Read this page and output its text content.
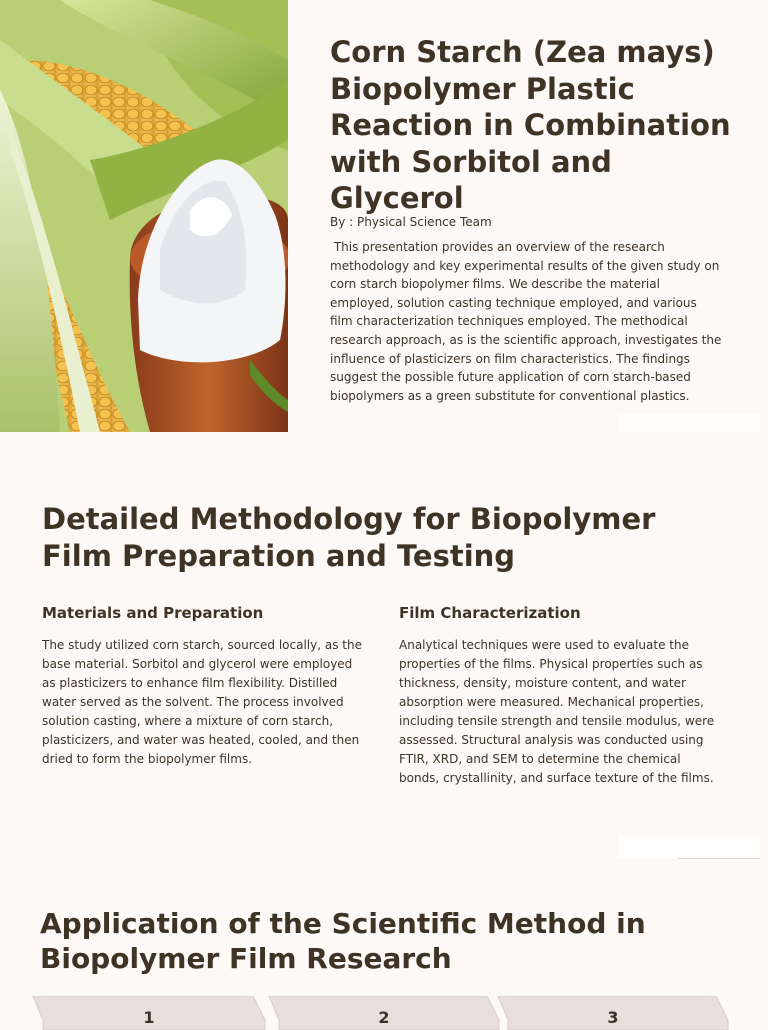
Corn Starch (Zea mays) Biopolymer Plastic Reaction in Combination with Sorbitol and Glycerol
By : Physical Science Team

This presentation provides an overview of the research methodology and key experimental results of the given study on corn starch biopolymer films. We describe the material employed, solution casting technique employed, and various film characterization techniques employed. The methodical research approach, as is the scientific approach, investigates the influence of plasticizers on film characteristics. The findings suggest the possible future application of corn starch-based biopolymers as a green substitute for conventional plastics.

Detailed Methodology for Biopolymer Film Preparation and Testing
Materials and Preparation

The study utilized corn starch, sourced locally, as the base material. Sorbitol and glycerol were employed as plasticizers to enhance film flexibility. Distilled water served as the solvent. The process involved solution casting, where a mixture of corn starch, plasticizers, and water was heated, cooled, and then dried to form the biopolymer films.

Film Characterization

Analytical techniques were used to evaluate the properties of the films. Physical properties such as thickness, density, moisture content, and water absorption were measured. Mechanical properties, including tensile strength and tensile modulus, were assessed. Structural analysis was conducted using FTIR, XRD, and SEM to determine the chemical bonds, crystallinity, and surface texture of the films.

Application of the Scientific Method in Biopolymer Film Research
1	2	3
